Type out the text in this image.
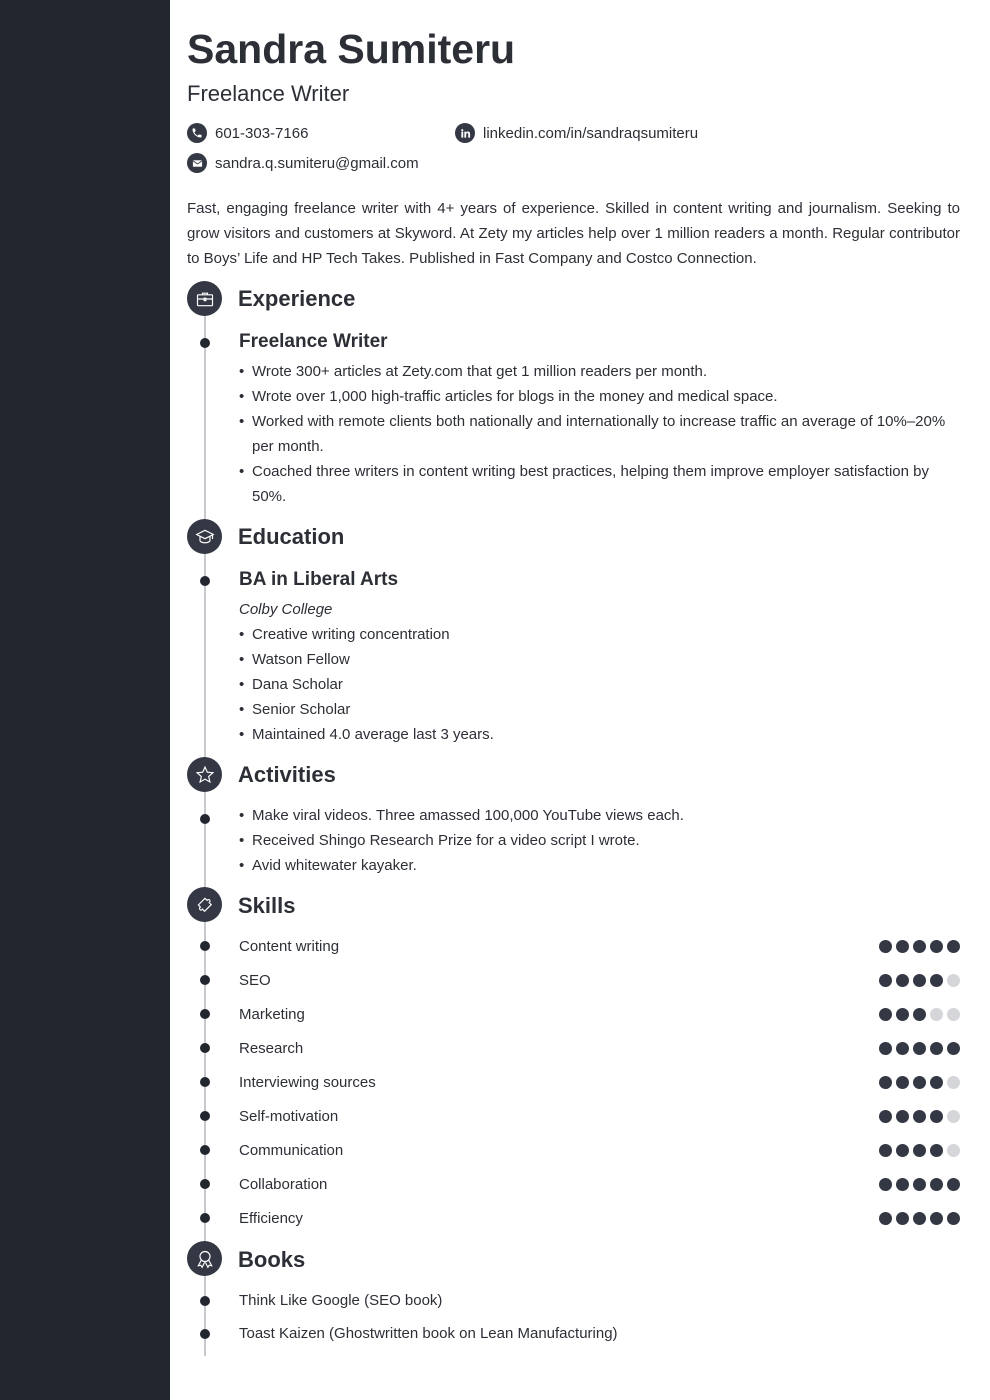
Sandra Sumiteru
Freelance Writer
601-303-7166	linkedin.com/in/sandraqsumiteru
sandra.q.sumiteru@gmail.com

Fast, engaging freelance writer with 4+ years of experience. Skilled in content writing and journalism. Seeking to grow visitors and customers at Skyword. At Zety my articles help over 1 million readers a month. Regular contributor to Boys’ Life and HP Tech Takes. Published in Fast Company and Costco Connection.

Experience
Freelance Writer
• Wrote 300+ articles at Zety.com that get 1 million readers per month.
• Wrote over 1,000 high-traffic articles for blogs in the money and medical space.
• Worked with remote clients both nationally and internationally to increase traffic an average of 10%–20% per month.
• Coached three writers in content writing best practices, helping them improve employer satisfaction by 50%.
Education
BA in Liberal Arts
Colby College
• Creative writing concentration
• Watson Fellow
• Dana Scholar
• Senior Scholar
• Maintained 4.0 average last 3 years.
Activities
• Make viral videos. Three amassed 100,000 YouTube views each.
• Received Shingo Research Prize for a video script I wrote.
• Avid whitewater kayaker.
Skills
Content writing
SEO
Marketing
Research
Interviewing sources
Self-motivation
Communication
Collaboration
Efficiency
Books
Think Like Google (SEO book)
Toast Kaizen (Ghostwritten book on Lean Manufacturing)
